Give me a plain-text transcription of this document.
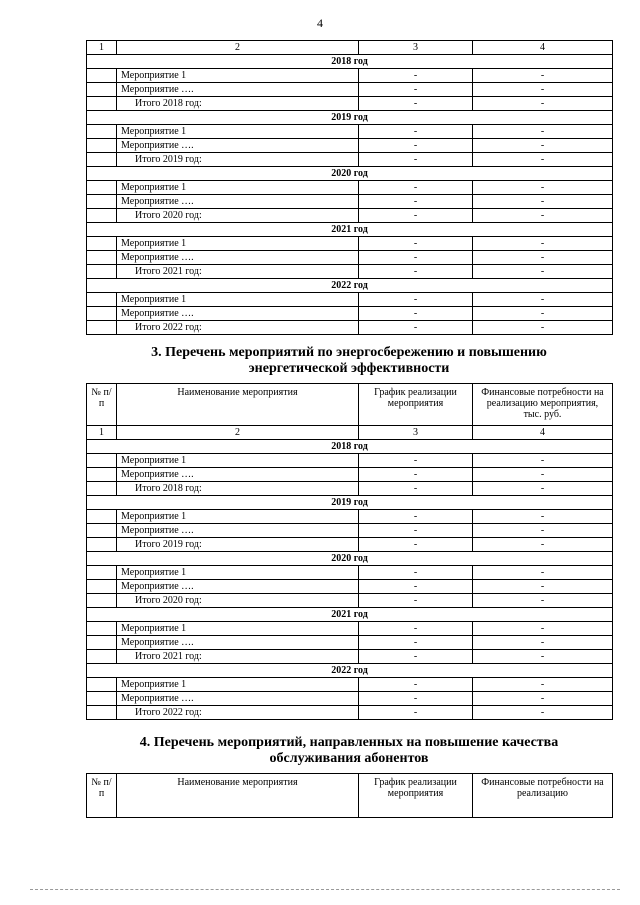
4
1	2	3	4
2018 год			
	Мероприятие 1	-	-
	Мероприятие ….	-	-
	Итого 2018 год:	-	-
2019 год			
	Мероприятие 1	-	-
	Мероприятие ….	-	-
	Итого 2019 год:	-	-
2020 год			
	Мероприятие 1	-	-
	Мероприятие ….	-	-
	Итого 2020 год:	-	-
2021 год			
	Мероприятие 1	-	-
	Мероприятие ….	-	-
	Итого 2021 год:	-	-
2022 год			
	Мероприятие 1	-	-
	Мероприятие ….	-	-
	Итого 2022 год:	-	-
3. Перечень мероприятий по энергосбережению и повышению
энергетической эффективности
№ п/п	Наименование мероприятия	График реализации мероприятия	Финансовые потребности на реализацию мероприятия, тыс. руб.
1	2	3	4
2018 год			
	Мероприятие 1	-	-
	Мероприятие ….	-	-
	Итого 2018 год:	-	-
2019 год			
	Мероприятие 1	-	-
	Мероприятие ….	-	-
	Итого 2019 год:	-	-
2020 год			
	Мероприятие 1	-	-
	Мероприятие ….	-	-
	Итого 2020 год:	-	-
2021 год			
	Мероприятие 1	-	-
	Мероприятие ….	-	-
	Итого 2021 год:	-	-
2022 год			
	Мероприятие 1	-	-
	Мероприятие ….	-	-
	Итого 2022 год:	-	-
4. Перечень мероприятий, направленных на повышение качества
обслуживания абонентов
№ п/п	Наименование мероприятия	График реализации мероприятия	Финансовые потребности на реализацию
